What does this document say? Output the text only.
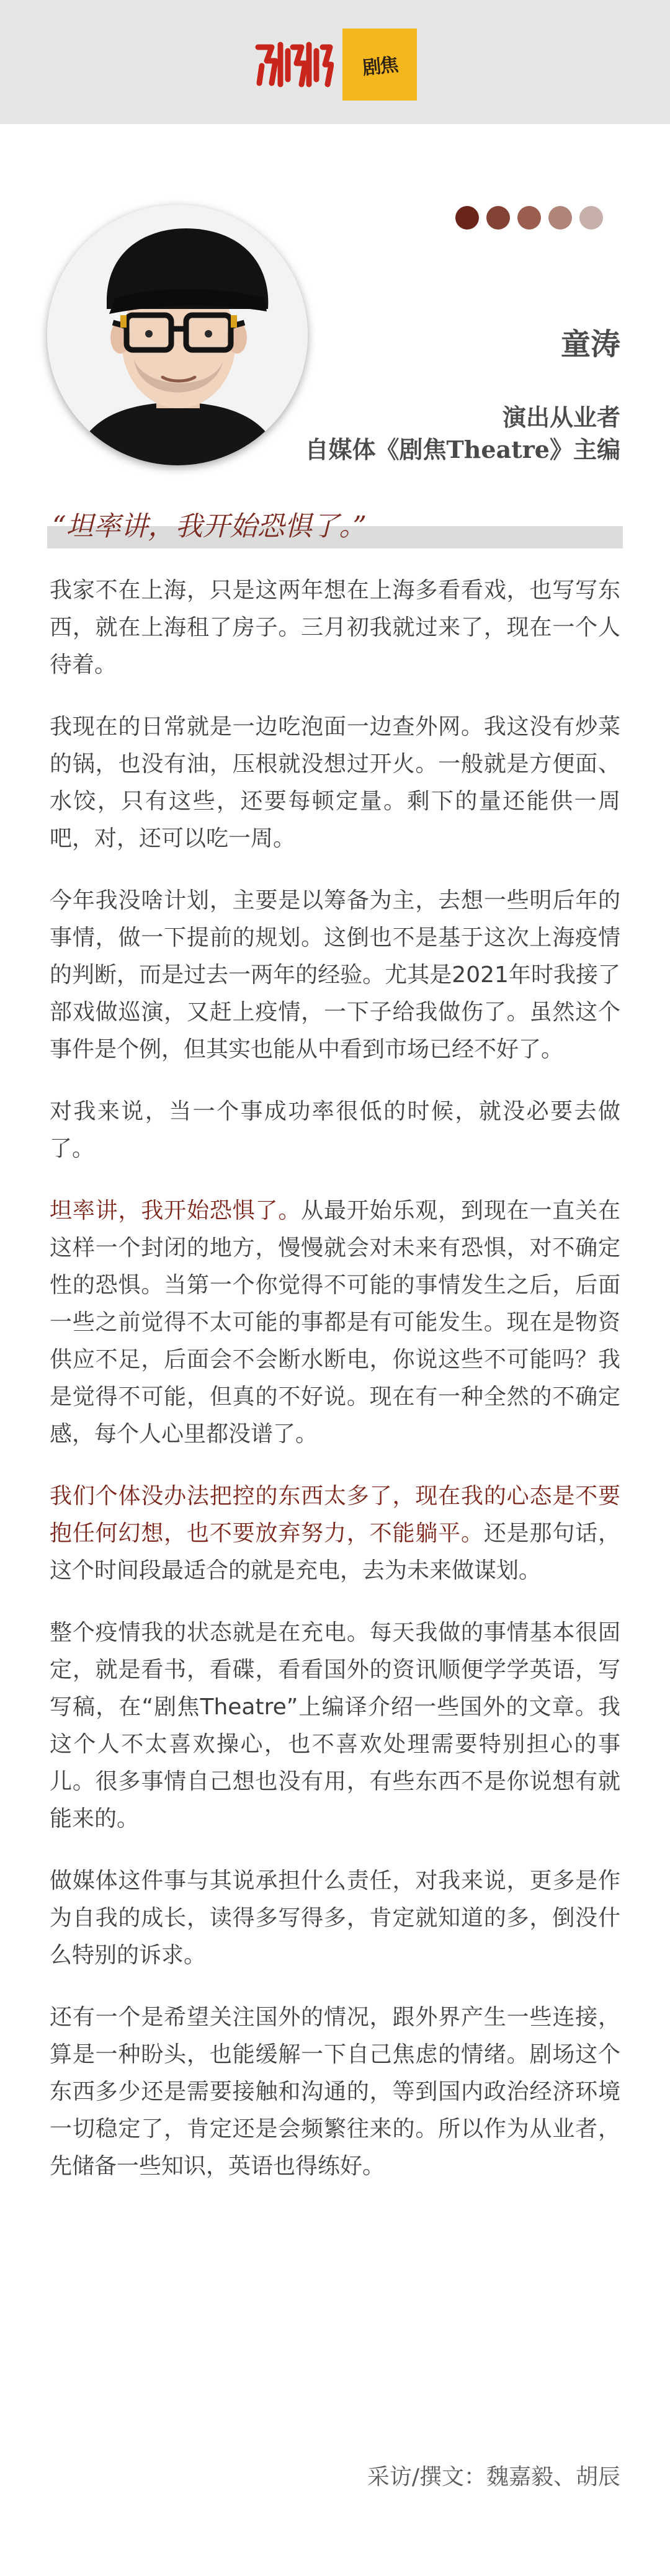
剧焦
童涛
演出从业者
自媒体《剧焦Theatre》主编
“坦率讲，我开始恐惧了。”

我家不在上海，只是这两年想在上海多看看戏，也写写东西，就在上海租了房子。三月初我就过来了，现在一个人待着。

我现在的日常就是一边吃泡面一边查外网。我这没有炒菜的锅，也没有油，压根就没想过开火。一般就是方便面、水饺，只有这些，还要每顿定量。剩下的量还能供一周吧，对，还可以吃一周。

今年我没啥计划，主要是以筹备为主，去想一些明后年的事情，做一下提前的规划。这倒也不是基于这次上海疫情的判断，而是过去一两年的经验。尤其是2021年时我接了部戏做巡演，又赶上疫情，一下子给我做伤了。虽然这个事件是个例，但其实也能从中看到市场已经不好了。

对我来说，当一个事成功率很低的时候，就没必要去做了。

坦率讲，我开始恐惧了。从最开始乐观，到现在一直关在这样一个封闭的地方，慢慢就会对未来有恐惧，对不确定性的恐惧。当第一个你觉得不可能的事情发生之后，后面一些之前觉得不太可能的事都是有可能发生。现在是物资供应不足，后面会不会断水断电，你说这些不可能吗？我是觉得不可能，但真的不好说。现在有一种全然的不确定感，每个人心里都没谱了。

我们个体没办法把控的东西太多了，现在我的心态是不要抱任何幻想，也不要放弃努力，不能躺平。还是那句话，这个时间段最适合的就是充电，去为未来做谋划。

整个疫情我的状态就是在充电。每天我做的事情基本很固定，就是看书，看碟，看看国外的资讯顺便学学英语，写写稿，在“剧焦Theatre”上编译介绍一些国外的文章。我这个人不太喜欢操心，也不喜欢处理需要特别担心的事儿。很多事情自己想也没有用，有些东西不是你说想有就能来的。

做媒体这件事与其说承担什么责任，对我来说，更多是作为自我的成长，读得多写得多，肯定就知道的多，倒没什么特别的诉求。

还有一个是希望关注国外的情况，跟外界产生一些连接，算是一种盼头，也能缓解一下自己焦虑的情绪。剧场这个东西多少还是需要接触和沟通的，等到国内政治经济环境一切稳定了，肯定还是会频繁往来的。所以作为从业者，先储备一些知识，英语也得练好。

采访/撰文：魏嘉毅、胡辰
